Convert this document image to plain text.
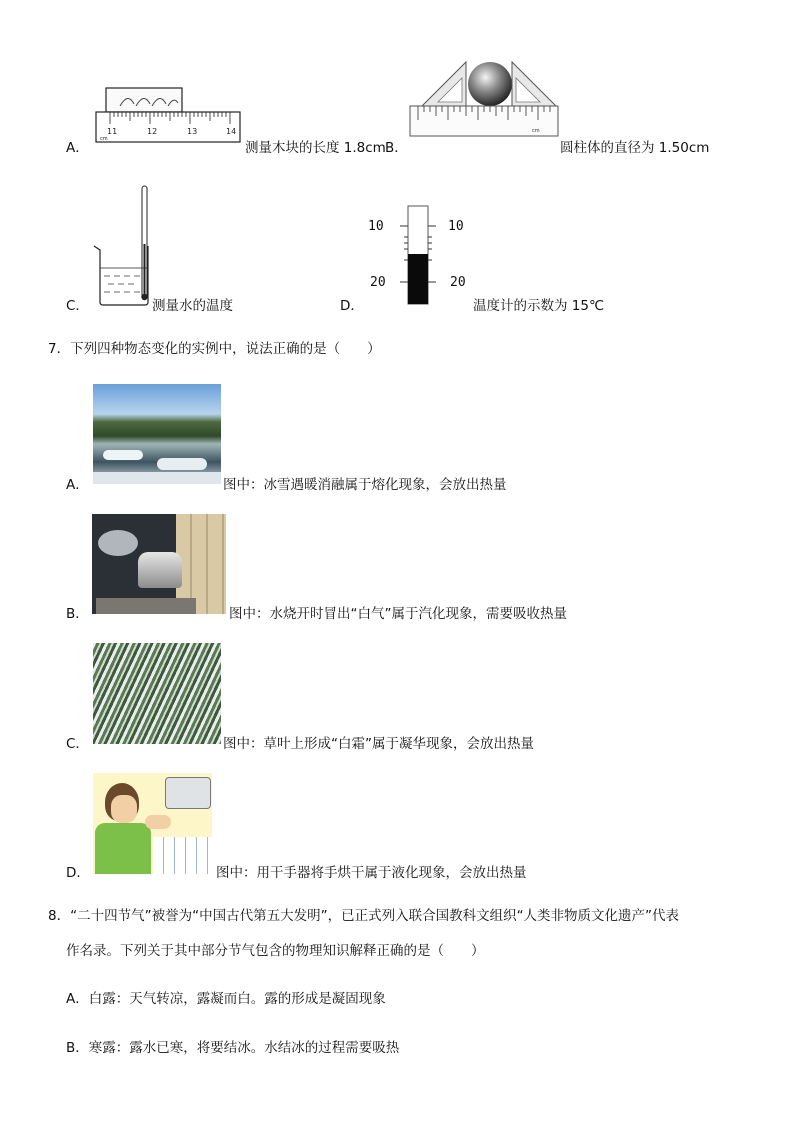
A．
11	12	13	14
cm
测量木块的长度 1.8cm B．
cm
圆柱体的直径为 1.50cm
C．	测量水的温度	D．
10	10
20	20
温度计的示数为 15℃
7．下列四种物态变化的实例中，说法正确的是（　　）
A．	图中：冰雪遇暖消融属于熔化现象，会放出热量
B．	图中：水烧开时冒出“白气”属于汽化现象，需要吸收热量
C．	图中：草叶上形成“白霜”属于凝华现象，会放出热量
D．	图中：用干手器将手烘干属于液化现象，会放出热量
8．“二十四节气”被誉为“中国古代第五大发明”，已正式列入联合国教科文组织“人类非物质文化遗产”代表
作名录。下列关于其中部分节气包含的物理知识解释正确的是（　　）
A．白露：天气转凉，露凝而白。露的形成是凝固现象
B．寒露：露水已寒，将要结冰。水结冰的过程需要吸热
